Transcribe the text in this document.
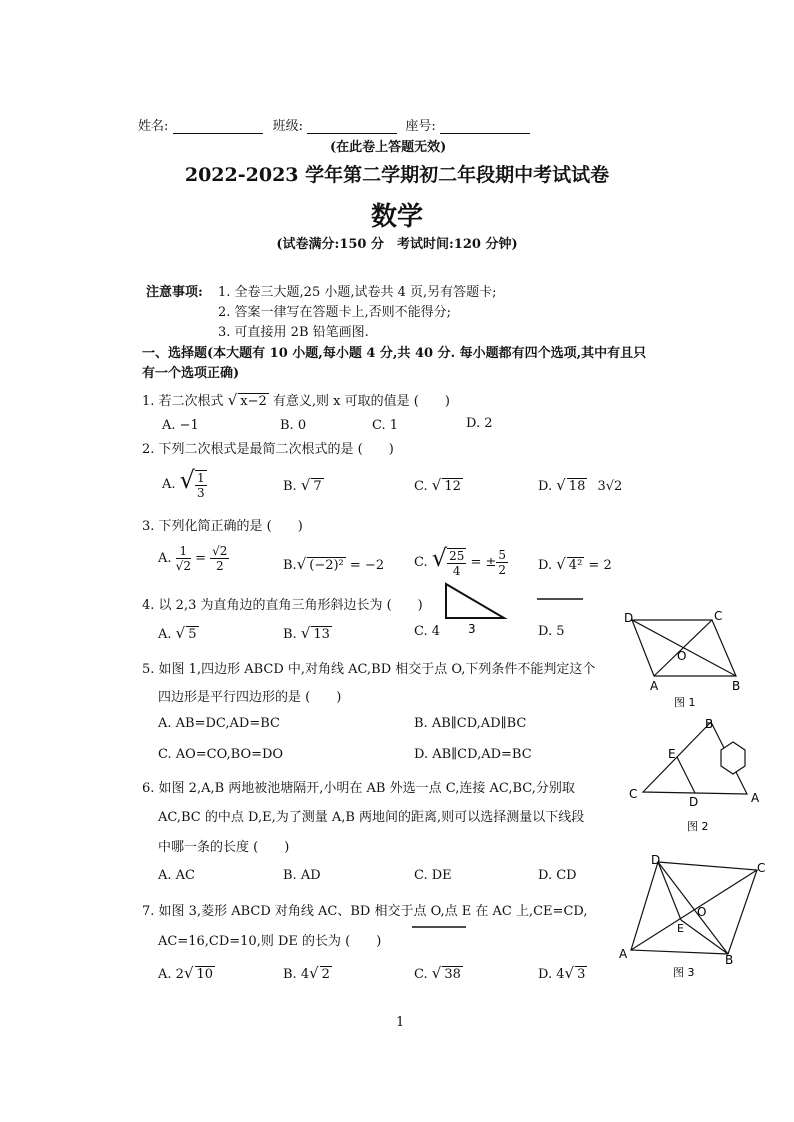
姓名:	班级:	座号:
(在此卷上答题无效)
2022-2023 学年第二学期初二年段期中考试试卷
数学
(试卷满分:150 分　考试时间:120 分钟)
注意事项: 1. 全卷三大题,25 小题,试卷共 4 页,另有答题卡;
2. 答案一律写在答题卡上,否则不能得分;
3. 可直接用 2B 铅笔画图.
一、选择题(本大题有 10 小题,每小题 4 分,共 40 分. 每小题都有四个选项,其中有且只
有一个选项正确)
1. 若二次根式 √ x−2 有意义,则 x 可取的值是 (　　)
A. −1	B. 0	C. 1	D. 2
2. 下列二次根式是最简二次根式的是 (　　)
A. √ $\frac{1}{3}$	B. √ 7	C. √ 12	D. √ 18 3√2
3. 下列化简正确的是 (　　)
A. $\frac{1}{√2} = \frac{√2}{2}$	B.√ (−2)² = −2 C. √ $\frac{25}{4}$ = ± $\frac{5}{2} D$. √ 4² = 2
4. 以 2,3 为直角边的直角三角形斜边长为 (　　)
3
A. √ 5	B. √ 13	C. 4	D. 5
5. 如图 1,四边形 ABCD 中,对角线 AC,BD 相交于点 O,下列条件不能判定这个
四边形是平行四边形的是 (　　)
A. AB=DC,AD=BC	B. AB∥CD,AD∥BC
C. AO=CO,BO=DO	D. AB∥CD,AD=BC
6. 如图 2,A,B 两地被池塘隔开,小明在 AB 外选一点 C,连接 AC,BC,分别取
AC,BC 的中点 D,E,为了测量 A,B 两地间的距离,则可以选择测量以下线段
中哪一条的长度 (　　)
A. AC	B. AD	C. DE	D. CD
7. 如图 3,菱形 ABCD 对角线 AC、BD 相交于点 O,点 E 在 AC 上,CE=CD,
AC=16,CD=10,则 DE 的长为 (　　)
A. 2√ 10	B. 4√ 2	C. √ 38	D. 4√ 3
D	C
O
A	B
图 1
B
E
C
D	A
图 2
D
C
O
E
A	B
图 3
1
